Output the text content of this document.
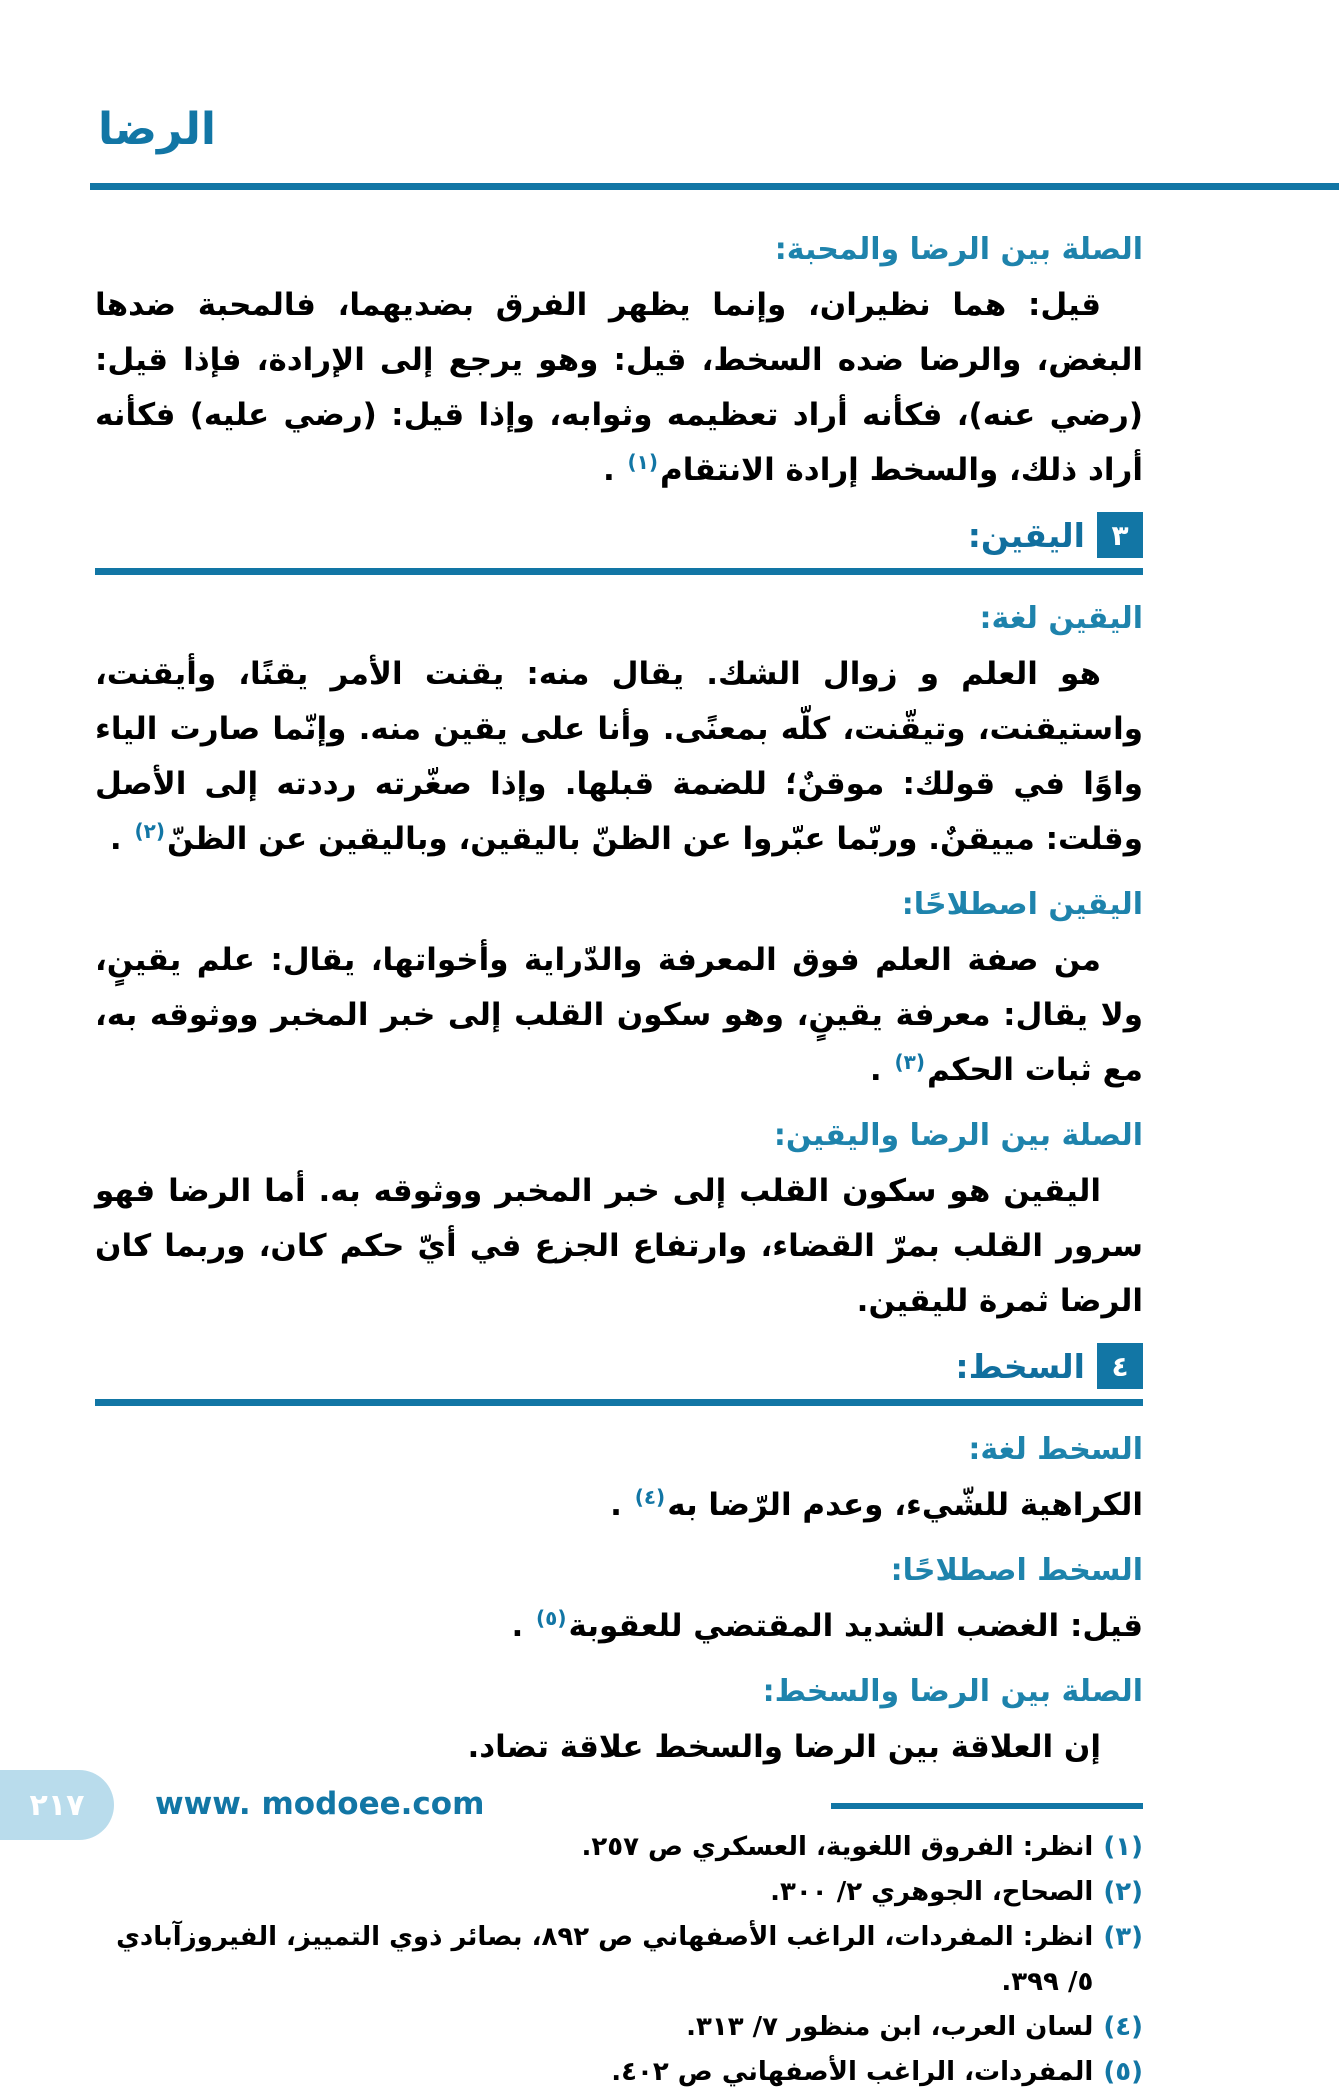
الرضا
الصلة بين الرضا والمحبة:

قيل: هما نظيران، وإنما يظهر الفرق بضديهما، فالمحبة ضدها البغض، والرضا ضده السخط، قيل: وهو يرجع إلى الإرادة، فإذا قيل: (رضي عنه)، فكأنه أراد تعظيمه وثوابه، وإذا قيل: (رضي عليه) فكأنه أراد ذلك، والسخط إرادة الانتقام$^{(١)}$ .

٣
اليقين:
اليقين لغة:

هو العلم و زوال الشك. يقال منه: يقنت الأمر يقنًا، وأيقنت، واستيقنت، وتيقّنت، كلّه بمعنًى. وأنا على يقين منه. وإنّما صارت الياء واوًا في قولك: موقنٌ؛ للضمة قبلها. وإذا صغّرته رددته إلى الأصل وقلت: مييقنٌ. وربّما عبّروا عن الظنّ باليقين، وباليقين عن الظنّ$^{(٢)}$ .

اليقين اصطلاحًا:

من صفة العلم فوق المعرفة والدّراية وأخواتها، يقال: علم يقينٍ، ولا يقال: معرفة يقينٍ، وهو سكون القلب إلى خبر المخبر ووثوقه به، مع ثبات الحكم$^{(٣)}$ .

الصلة بين الرضا واليقين:

اليقين هو سكون القلب إلى خبر المخبر ووثوقه به. أما الرضا فهو سرور القلب بمرّ القضاء، وارتفاع الجزع في أيّ حكم كان، وربما كان الرضا ثمرة لليقين.

٤
السخط:
السخط لغة:

الكراهية للشّيء، وعدم الرّضا به$^{(٤)}$ .

السخط اصطلاحًا:

قيل: الغضب الشديد المقتضي للعقوبة$^{(٥)}$ .

الصلة بين الرضا والسخط:

إن العلاقة بين الرضا والسخط علاقة تضاد.

(١)
انظر: الفروق اللغوية، العسكري ص ٢٥٧.
(٢)
الصحاح، الجوهري ٢/ ٣٠٠.
(٣)
انظر: المفردات، الراغب الأصفهاني ص ٨٩٢، بصائر ذوي التمييز، الفيروزآبادي ٥/ ٣٩٩.
(٤)
لسان العرب، ابن منظور ٧/ ٣١٣.
(٥)
المفردات، الراغب الأصفهاني ص ٤٠٢.
٢١٧	www. modoee.com
